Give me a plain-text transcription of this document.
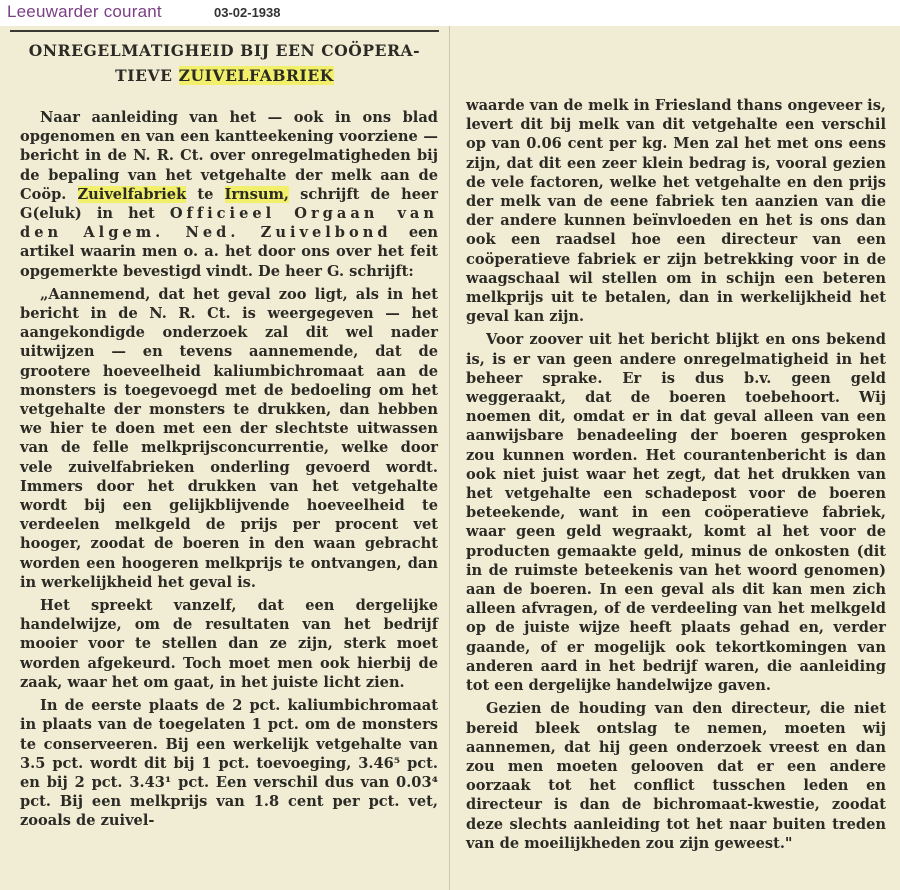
Leeuwarder courant	03-02-1938
ONREGELMATIGHEID BIJ EEN COÖPERA-
TIEVE ZUIVELFABRIEK

Naar aanleiding van het — ook in ons blad opgenomen en van een kantteekening voorziene — bericht in de N. R. Ct. over onregelmatigheden bij de bepaling van het vetgehalte der melk aan de Coöp. Zuivelfabriek te Irnsum, schrijft de heer G(eluk) in het Officieel Orgaan van den Algem. Ned. Zuivelbond een artikel waarin men o. a. het door ons over het feit opgemerkte bevestigd vindt. De heer G. schrijft:

„Aannemend, dat het geval zoo ligt, als in het bericht in de N. R. Ct. is weergegeven — het aangekondigde onderzoek zal dit wel nader uitwijzen — en tevens aannemende, dat de grootere hoeveelheid kaliumbichromaat aan de monsters is toegevoegd met de bedoeling om het vetgehalte der monsters te drukken, dan hebben we hier te doen met een der slechtste uitwassen van de felle melkprijsconcurrentie, welke door vele zuivelfabrieken onderling gevoerd wordt. Immers door het drukken van het vetgehalte wordt bij een gelijkblijvende hoeveelheid te verdeelen melkgeld de prijs per procent vet hooger, zoodat de boeren in den waan gebracht worden een hoogeren melkprijs te ontvangen, dan in werkelijkheid het geval is.

Het spreekt vanzelf, dat een dergelijke handelwijze, om de resultaten van het bedrijf mooier voor te stellen dan ze zijn, sterk moet worden afgekeurd. Toch moet men ook hierbij de zaak, waar het om gaat, in het juiste licht zien.

In de eerste plaats de 2 pct. kaliumbichromaat in plaats van de toegelaten 1 pct. om de monsters te conserveeren. Bij een werkelijk vetgehalte van 3.5 pct. wordt dit bij 1 pct. toevoeging, 3.46⁵ pct. en bij 2 pct. 3.43¹ pct. Een verschil dus van 0.03⁴ pct. Bij een melkprijs van 1.8 cent per pct. vet, zooals de zuivel-

waarde van de melk in Friesland thans ongeveer is, levert dit bij melk van dit vetgehalte een verschil op van 0.06 cent per kg. Men zal het met ons eens zijn, dat dit een zeer klein bedrag is, vooral gezien de vele factoren, welke het vetgehalte en den prijs der melk van de eene fabriek ten aanzien van die der andere kunnen beïnvloeden en het is ons dan ook een raadsel hoe een directeur van een coöperatieve fabriek er zijn betrekking voor in de waagschaal wil stellen om in schijn een beteren melkprijs uit te betalen, dan in werkelijkheid het geval kan zijn.

Voor zoover uit het bericht blijkt en ons bekend is, is er van geen andere onregelmatigheid in het beheer sprake. Er is dus b.v. geen geld weggeraakt, dat de boeren toebehoort. Wij noemen dit, omdat er in dat geval alleen van een aanwijsbare benadeeling der boeren gesproken zou kunnen worden. Het courantenbericht is dan ook niet juist waar het zegt, dat het drukken van het vetgehalte een schadepost voor de boeren beteekende, want in een coöperatieve fabriek, waar geen geld wegraakt, komt al het voor de producten gemaakte geld, minus de onkosten (dit in de ruimste beteekenis van het woord genomen) aan de boeren. In een geval als dit kan men zich alleen afvragen, of de verdeeling van het melkgeld op de juiste wijze heeft plaats gehad en, verder gaande, of er mogelijk ook tekortkomingen van anderen aard in het bedrijf waren, die aanleiding tot een dergelijke handelwijze gaven.

Gezien de houding van den directeur, die niet bereid bleek ontslag te nemen, moeten wij aannemen, dat hij geen onderzoek vreest en dan zou men moeten gelooven dat er een andere oorzaak tot het conflict tusschen leden en directeur is dan de bichromaat-kwestie, zoodat deze slechts aanleiding tot het naar buiten treden van de moeilijkheden zou zijn geweest."
